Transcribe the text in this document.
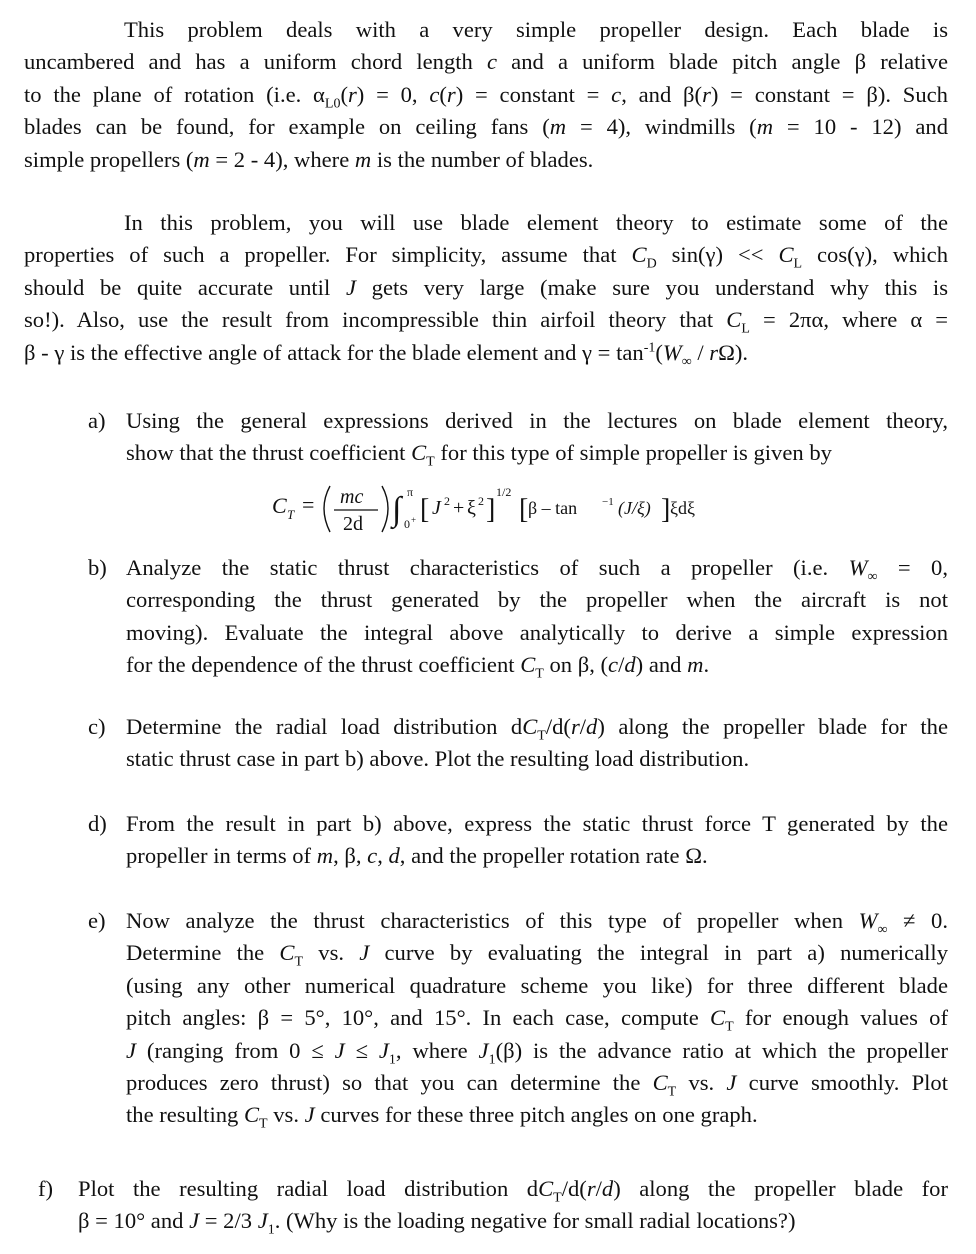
This problem deals with a very simple propeller design. Each blade is
uncambered and has a uniform chord length c and a uniform blade pitch angle β relative
to the plane of rotation (i.e. $\alpha_{L0}(r) = 0$, c(r) = constant = c, and β(r) = constant = β). Such
blades can be found, for example on ceiling fans (m = 4), windmills (m = 10 - 12) and
simple propellers (m = 2 - 4), where m is the number of blades.
In this problem, you will use blade element theory to estimate some of the
properties of such a propeller. For simplicity, assume that $C_D$ $\sin(\gamma) << C_L$ cos(γ), which
should be quite accurate until J gets very large (make sure you understand why this is
so!). Also, use the result from incompressible thin airfoil theory that $C_L = 2\pi\alpha$, where α =
β - γ is the effective angle of attack for the blade element and $\gamma = \tan^{-1}(W_\infty / r\Omega)$.
a) Using the general expressions derived in the lectures on blade element theory,
show that the thrust coefficient $C_T$ for this type of simple propeller is given by
C T = mc
2d ∫ π
0 + [ J 2 + ξ 2 ]
1/2
[ β – tan −1 (J/ξ) ] ξdξ
b) Analyze the static thrust characteristics of such a propeller (i.e. $W_\infty = 0$,
corresponding the thrust generated by the propeller when the aircraft is not
moving). Evaluate the integral above analytically to derive a simple expression
for the dependence of the thrust coefficient $C_T$ on β, (c/d) and m.
c) Determine the radial load distribution $dC_T/d(r/d)$ along the propeller blade for the
static thrust case in part b) above. Plot the resulting load distribution.
d) From the result in part b) above, express the static thrust force T generated by the
propeller in terms of m, β, c, d, and the propeller rotation rate Ω.
e) Now analyze the thrust characteristics of this type of propeller when $W_\infty \ne 0$.
Determine the $C_T$ vs. J curve by evaluating the integral in part a) numerically
(using any other numerical quadrature scheme you like) for three different blade
pitch angles: β = 5°, 10°, and 15°. In each case, compute $C_T$ for enough values of
J (ranging from $0 \le J \le J_1$, where $J_1(\beta)$ is the advance ratio at which the propeller
produces zero thrust) so that you can determine the $C_T$ vs. J curve smoothly. Plot
the resulting $C_T$ vs. J curves for these three pitch angles on one graph.
f) Plot the resulting radial load distribution $dC_T/d(r/d)$ along the propeller blade for
β = 10° and J = 2/3 $J_1$. (Why is the loading negative for small radial locations?)
